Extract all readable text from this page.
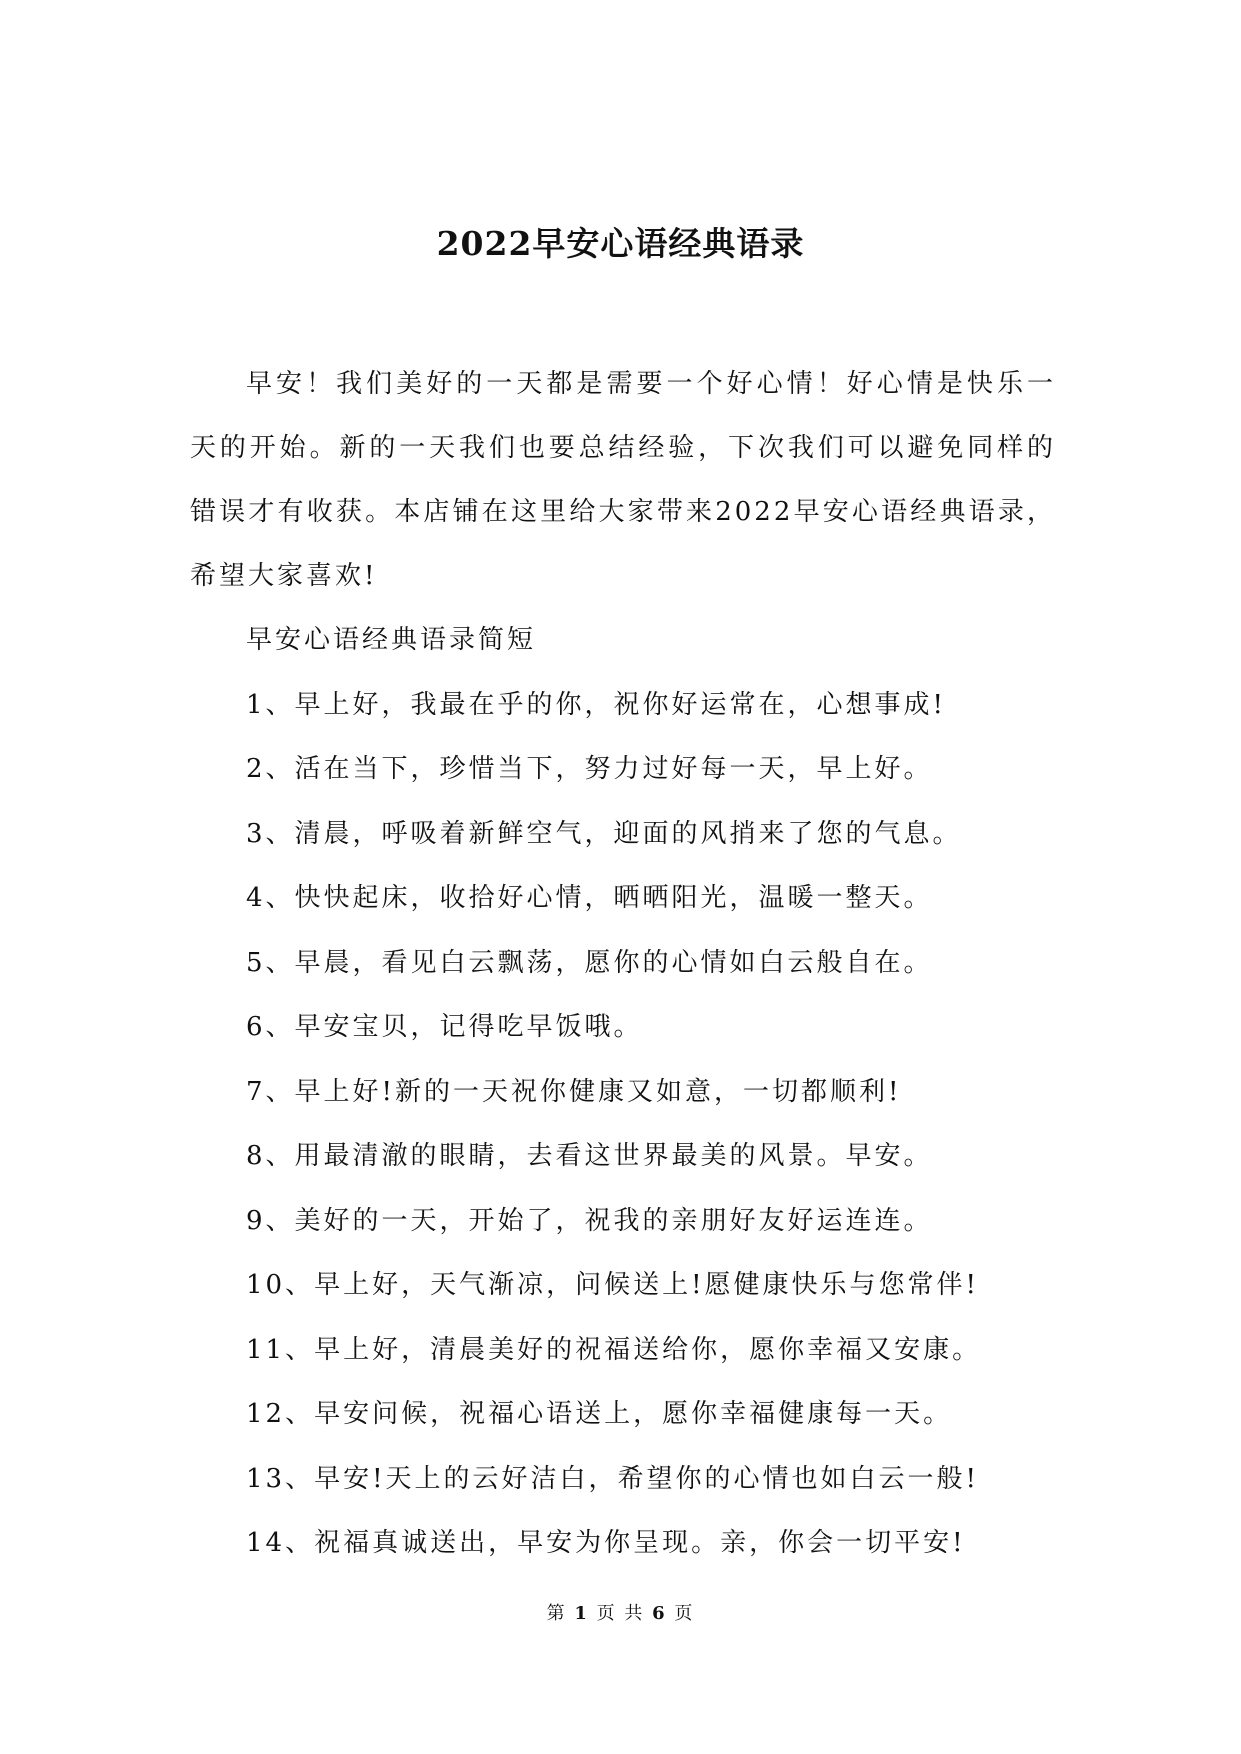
2022早安心语经典语录

早安！我们美好的一天都是需要一个好心情！好心情是快乐一天的开始。新的一天我们也要总结经验，下次我们可以避免同样的错误才有收获。本店铺在这里给大家带来2022早安心语经典语录，希望大家喜欢!

早安心语经典语录简短

1、早上好，我最在乎的你，祝你好运常在，心想事成!

2、活在当下，珍惜当下，努力过好每一天，早上好。

3、清晨，呼吸着新鲜空气，迎面的风捎来了您的气息。

4、快快起床，收拾好心情，晒晒阳光，温暖一整天。

5、早晨，看见白云飘荡，愿你的心情如白云般自在。

6、早安宝贝，记得吃早饭哦。

7、早上好!新的一天祝你健康又如意，一切都顺利!

8、用最清澈的眼睛，去看这世界最美的风景。早安。

9、美好的一天，开始了，祝我的亲朋好友好运连连。

10、早上好，天气渐凉，问候送上!愿健康快乐与您常伴!

11、早上好，清晨美好的祝福送给你，愿你幸福又安康。

12、早安问候，祝福心语送上，愿你幸福健康每一天。

13、早安!天上的云好洁白，希望你的心情也如白云一般!

14、祝福真诚送出，早安为你呈现。亲，你会一切平安!

第 1 页 共 6 页
